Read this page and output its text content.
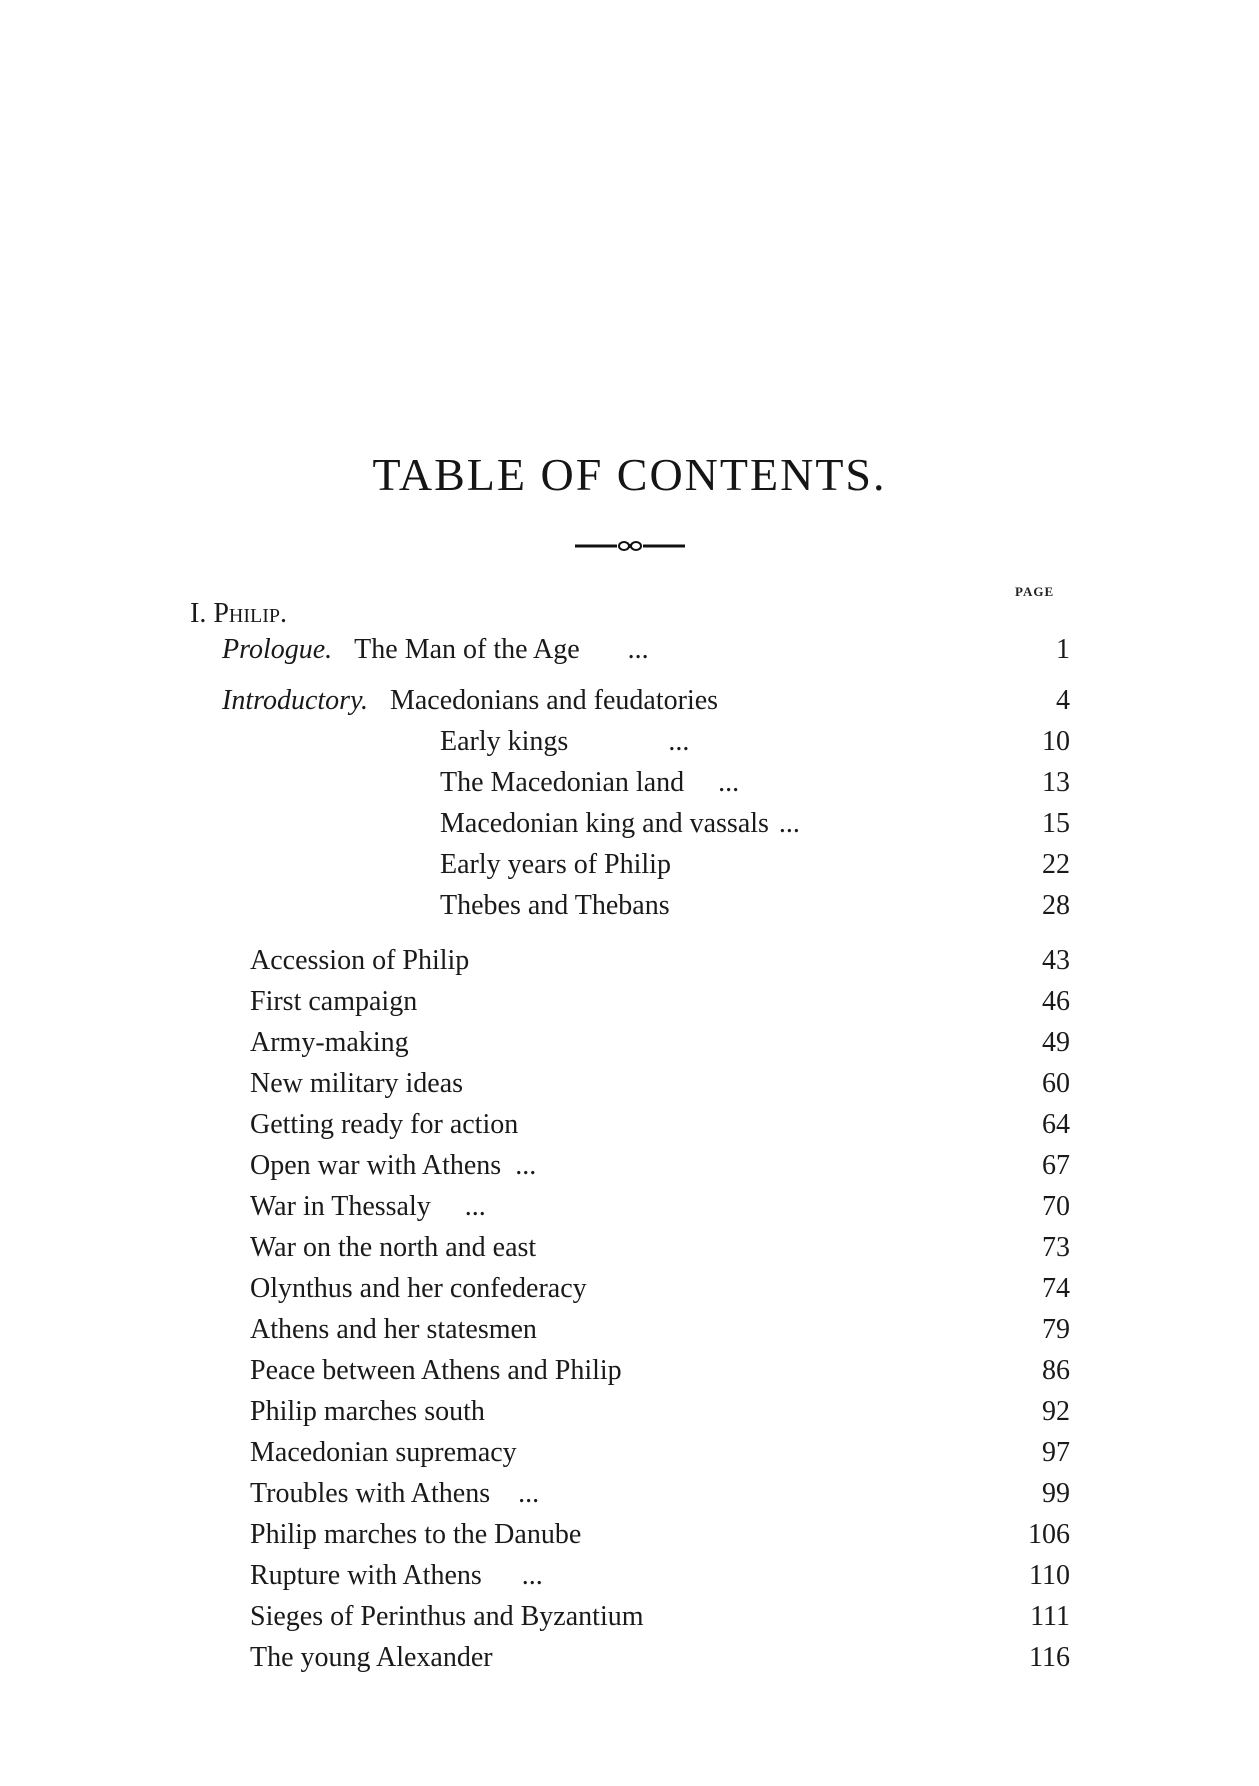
TABLE OF CONTENTS.
PAGE
I. Philip.
Prologue. The Man of the Age ...	1
Introductory. Macedonians and feudatories	4
Early kings	...	10
The Macedonian land ...	13
Macedonian king and vassals ...	15
Early years of Philip	22
Thebes and Thebans	28
Accession of Philip	43
First campaign	46
Army-making	49
New military ideas	60
Getting ready for action	64
Open war with Athens ...	67
War in Thessaly ...	70
War on the north and east	73
Olynthus and her confederacy	74
Athens and her statesmen	79
Peace between Athens and Philip	86
Philip marches south	92
Macedonian supremacy	97
Troubles with Athens ...	99
Philip marches to the Danube	106
Rupture with Athens ...	110
Sieges of Perinthus and Byzantium	111
The young Alexander	116
